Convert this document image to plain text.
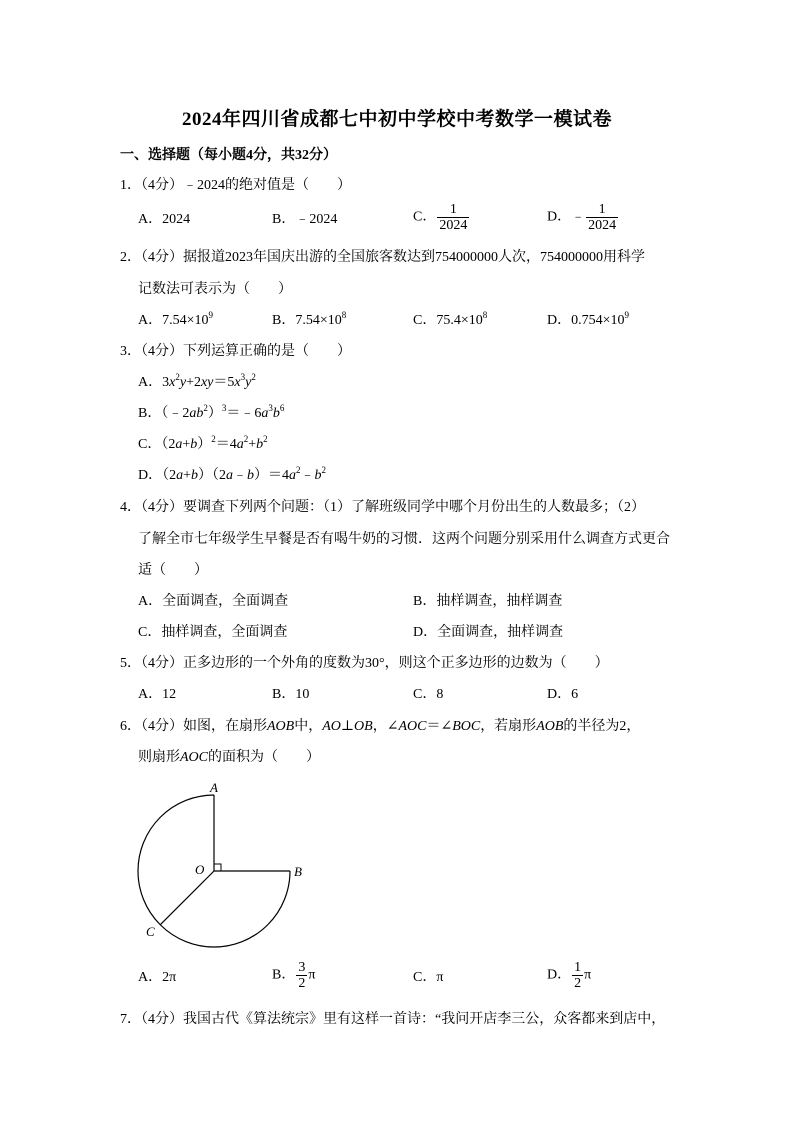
2024年四川省成都七中初中学校中考数学一模试卷
一、选择题（每小题4分，共32分）
1．（4分）﹣2024的绝对值是（　　）
A．2024	B．﹣2024	C． $\frac{1}{2024}$	D．﹣ $\frac{1}{2024}$
2．（4分）据报道2023年国庆出游的全国旅客数达到754000000人次，754000000用科学
记数法可表示为（　　）
A．$7.54\times 10^9$	B．$7.54\times 10^8$	C．$75.4\times 10^8$	D．$0.754\times 10^9$
3．（4分）下列运算正确的是（　　）
A．$3x^2y+2xy=5x^3y^2$
B．$(﹣2ab^2)^3=﹣6a^3b^6$
C．$(2a+b)^2=4a^2+b^2$
D．$(2a+b)(2a﹣b)=4a^2﹣b^2$
4．（4分）要调查下列两个问题：（1）了解班级同学中哪个月份出生的人数最多；（2）
了解全市七年级学生早餐是否有喝牛奶的习惯．这两个问题分别采用什么调查方式更合
适（　　）
A．全面调查，全面调查	B．抽样调查，抽样调查
C．抽样调查，全面调查	D．全面调查，抽样调查
5．（4分）正多边形的一个外角的度数为30°，则这个正多边形的边数为（　　）
A．12	B．10	C．8	D．6
6．（4分）如图，在扇形AOB中，AO⊥OB，∠AOC＝∠BOC，若扇形AOB的半径为2，
则扇形AOC的面积为（　　）
A
B
C
O
A．2π	B． $\frac{3}{2}$ π	C．π	D． $\frac{1}{2}$ π
7．（4分）我国古代《算法统宗》里有这样一首诗：“我问开店李三公，众客都来到店中，
